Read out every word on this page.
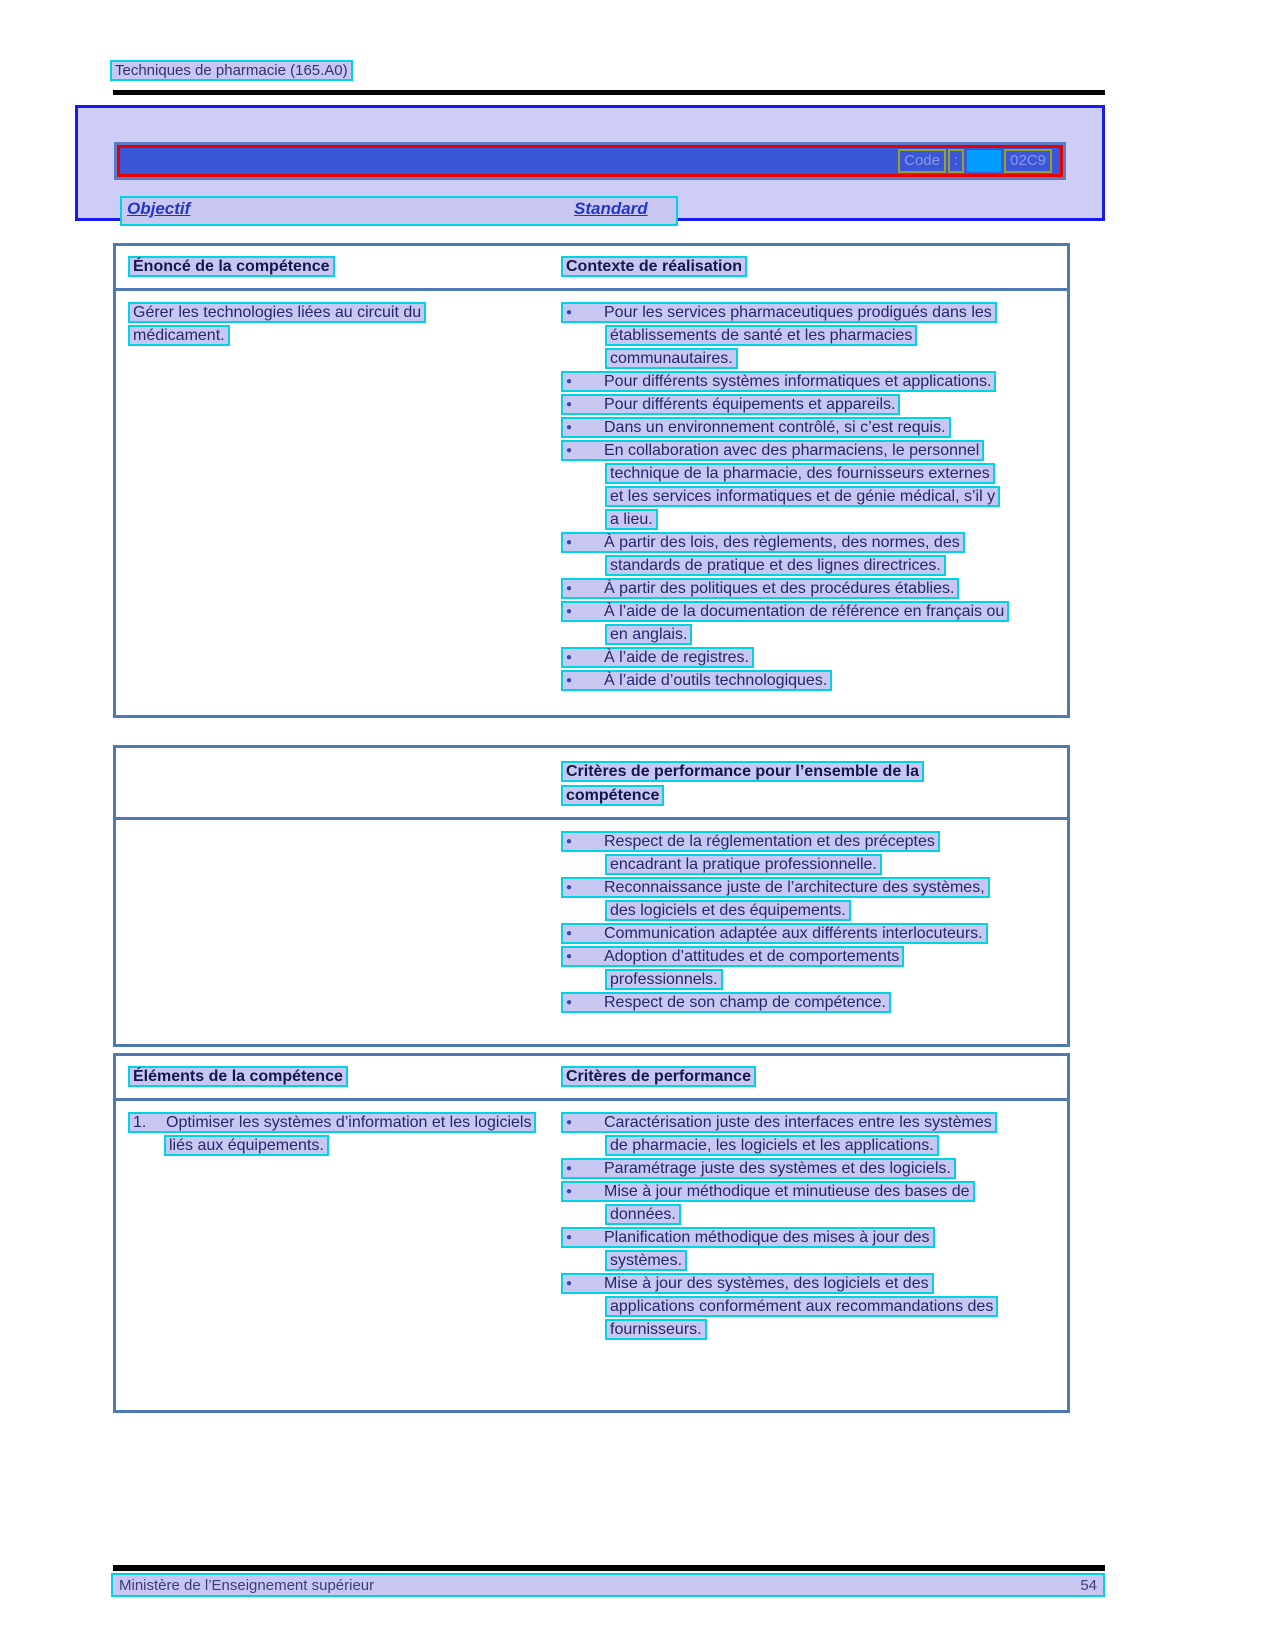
Techniques de pharmacie (165.A0)
Code :	02C9
Objectif	Standard
Énoncé de la compétence	Contexte de réalisation
Gérer les technologies liées au circuit du médicament.
● Pour les services pharmaceutiques prodigués dans les établissements de santé et les pharmacies communautaires.
● Pour différents systèmes informatiques et applications.
● Pour différents équipements et appareils.
● Dans un environnement contrôlé, si c’est requis.
● En collaboration avec des pharmaciens, le personnel technique de la pharmacie, des fournisseurs externes et les services informatiques et de génie médical, s’il y a lieu.
● À partir des lois, des règlements, des normes, des standards de pratique et des lignes directrices.
● À partir des politiques et des procédures établies.
● À l’aide de la documentation de référence en français ou en anglais.
● À l’aide de registres.
● À l’aide d’outils technologiques.
Critères de performance pour l’ensemble de la compétence
● Respect de la réglementation et des préceptes encadrant la pratique professionnelle.
● Reconnaissance juste de l’architecture des systèmes, des logiciels et des équipements.
● Communication adaptée aux différents interlocuteurs.
● Adoption d’attitudes et de comportements professionnels.
● Respect de son champ de compétence.
Éléments de la compétence	Critères de performance
1. Optimiser les systèmes d’information et les logiciels liés aux équipements.
● Caractérisation juste des interfaces entre les systèmes de pharmacie, les logiciels et les applications.
● Paramétrage juste des systèmes et des logiciels.
● Mise à jour méthodique et minutieuse des bases de données.
● Planification méthodique des mises à jour des systèmes.
● Mise à jour des systèmes, des logiciels et des applications conformément aux recommandations des fournisseurs.
Ministère de l’Enseignement supérieur	54
